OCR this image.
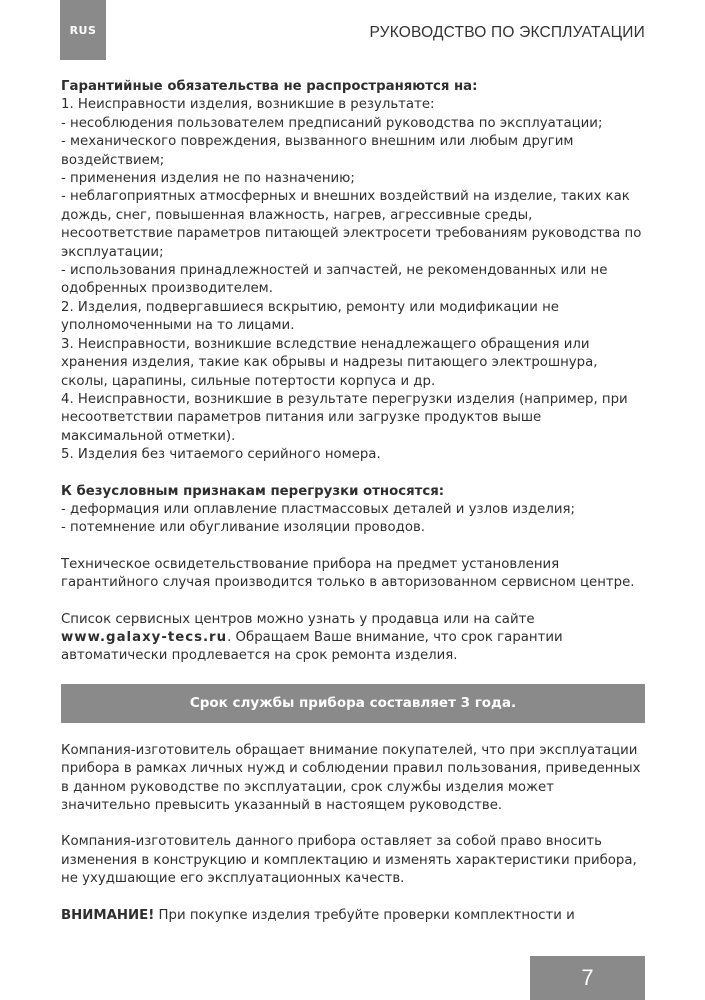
RUS	РУКОВОДСТВО ПО ЭКСПЛУАТАЦИИ

Гарантийные обязательства не распространяются на:

1. Неисправности изделия, возникшие в результате:

- несоблюдения пользователем предписаний руководства по эксплуатации;

- механического повреждения, вызванного внешним или любым другим воздействием;

- применения изделия не по назначению;

- неблагоприятных атмосферных и внешних воздействий на изделие, таких как дождь, снег, повышенная влажность, нагрев, агрессивные среды, несоответствие параметров питающей электросети требованиям руководства по эксплуатации;

- использования принадлежностей и запчастей, не рекомендованных или не одобренных производителем.

2. Изделия, подвергавшиеся вскрытию, ремонту или модификации не уполномоченными на то лицами.

3. Неисправности, возникшие вследствие ненадлежащего обращения или хранения изделия, такие как обрывы и надрезы питающего электрошнура, сколы, царапины, сильные потертости корпуса и др.

4. Неисправности, возникшие в результате перегрузки изделия (например, при несоответствии параметров питания или загрузке продуктов выше максимальной отметки).

5. Изделия без читаемого серийного номера.

К безусловным признакам перегрузки относятся:

- деформация или оплавление пластмассовых деталей и узлов изделия;

- потемнение или обугливание изоляции проводов.

Техническое освидетельствование прибора на предмет установления гарантийного случая производится только в авторизованном сервисном центре.

Список сервисных центров можно узнать у продавца или на сайте www.galaxy-tecs.ru. Обращаем Ваше внимание, что срок гарантии автоматически продлевается на срок ремонта изделия.

Срок службы прибора составляет 3 года.

Компания-изготовитель обращает внимание покупателей, что при эксплуатации прибора в рамках личных нужд и соблюдении правил пользования, приведенных в данном руководстве по эксплуатации, срок службы изделия может значительно превысить указанный в настоящем руководстве.

Компания-изготовитель данного прибора оставляет за собой право вносить изменения в конструкцию и комплектацию и изменять характеристики прибора, не ухудшающие его эксплуатационных качеств.

ВНИМАНИЕ! При покупке изделия требуйте проверки комплектности и

7
